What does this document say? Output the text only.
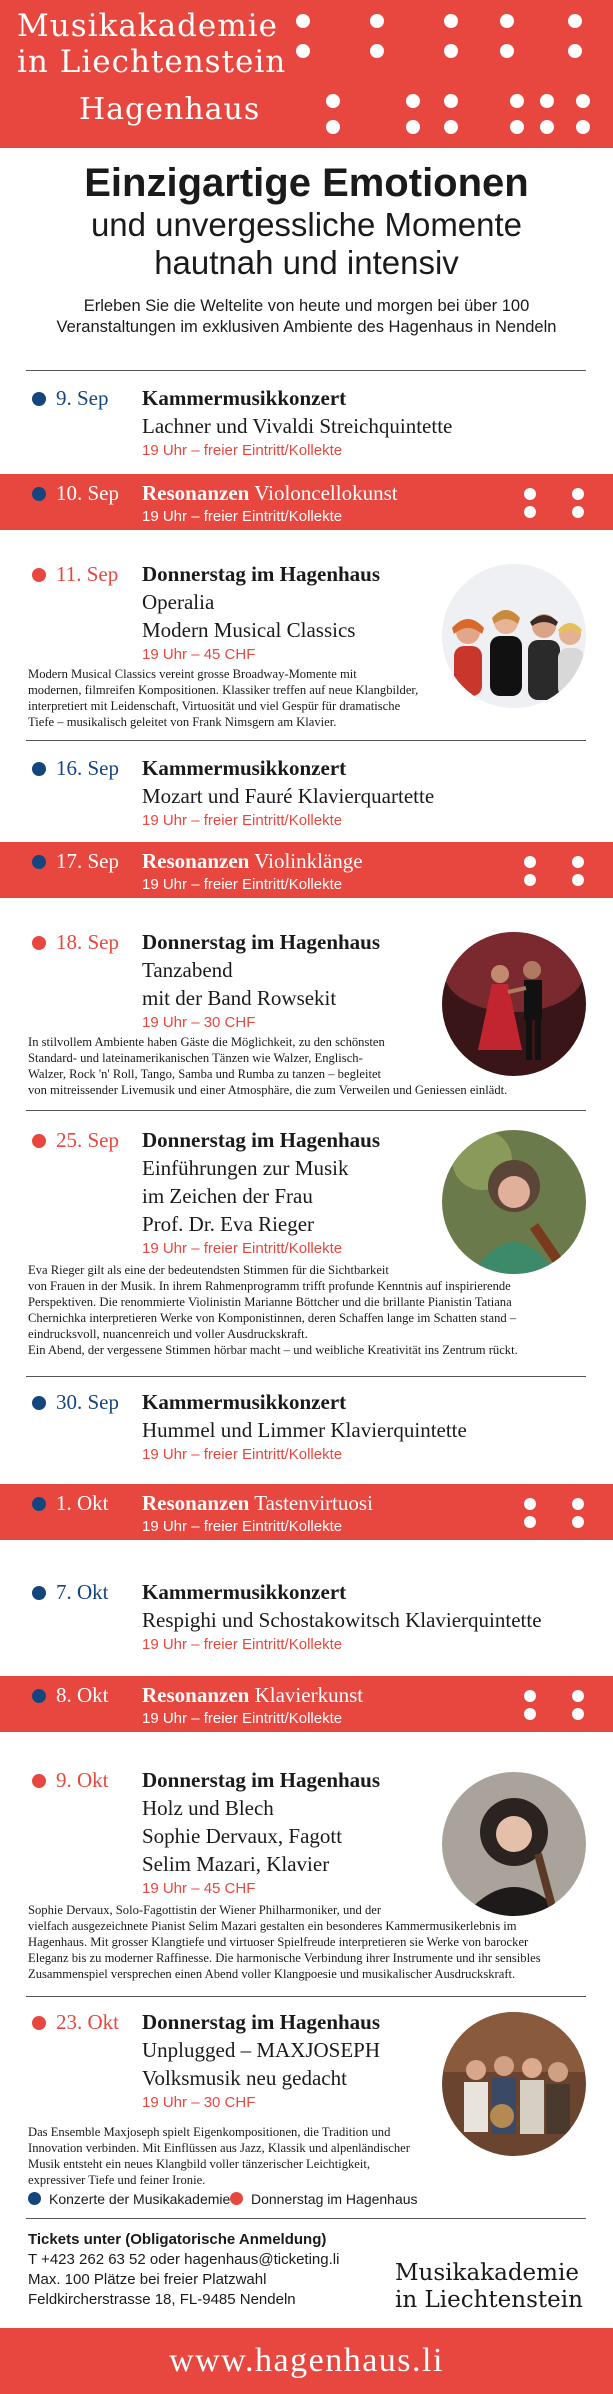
Musikakademie
in Liechtenstein
Hagenhaus
Einzigartige Emotionen
und unvergessliche Momente
hautnah und intensiv
Erleben Sie die Weltelite von heute und morgen bei über 100
Veranstaltungen im exklusiven Ambiente des Hagenhaus in Nendeln
9. Sep Kammermusikkonzert
Lachner und Vivaldi Streichquintette
19 Uhr – freier Eintritt/Kollekte
10. Sep Resonanzen Violoncellokunst
19 Uhr – freier Eintritt/Kollekte
11. Sep Donnerstag im Hagenhaus
Operalia
Modern Musical Classics
19 Uhr – 45 CHF
Modern Musical Classics vereint grosse Broadway-Momente mit
modernen, filmreifen Kompositionen. Klassiker treffen auf neue Klangbilder,
interpretiert mit Leidenschaft, Virtuosität und viel Gespür für dramatische
Tiefe – musikalisch geleitet von Frank Nimsgern am Klavier.
16. Sep Kammermusikkonzert
Mozart und Fauré Klavierquartette
19 Uhr – freier Eintritt/Kollekte
17. Sep Resonanzen Violinklänge
19 Uhr – freier Eintritt/Kollekte
18. Sep Donnerstag im Hagenhaus
Tanzabend
mit der Band Rowsekit
19 Uhr – 30 CHF
In stilvollem Ambiente haben Gäste die Möglichkeit, zu den schönsten
Standard- und lateinamerikanischen Tänzen wie Walzer, Englisch-
Walzer, Rock 'n' Roll, Tango, Samba und Rumba zu tanzen – begleitet
von mitreissender Livemusik und einer Atmosphäre, die zum Verweilen und Geniessen einlädt.
25. Sep Donnerstag im Hagenhaus
Einführungen zur Musik
im Zeichen der Frau
Prof. Dr. Eva Rieger
19 Uhr – freier Eintritt/Kollekte
Eva Rieger gilt als eine der bedeutendsten Stimmen für die Sichtbarkeit
von Frauen in der Musik. In ihrem Rahmenprogramm trifft profunde Kenntnis auf inspirierende
Perspektiven. Die renommierte Violinistin Marianne Böttcher und die brillante Pianistin Tatiana
Chernichka interpretieren Werke von Komponistinnen, deren Schaffen lange im Schatten stand –
eindrucksvoll, nuancenreich und voller Ausdruckskraft.
Ein Abend, der vergessene Stimmen hörbar macht – und weibliche Kreativität ins Zentrum rückt.
30. Sep Kammermusikkonzert
Hummel und Limmer Klavierquintette
19 Uhr – freier Eintritt/Kollekte
1. Okt Resonanzen Tastenvirtuosi
19 Uhr – freier Eintritt/Kollekte
7. Okt Kammermusikkonzert
Respighi und Schostakowitsch Klavierquintette
19 Uhr – freier Eintritt/Kollekte
8. Okt Resonanzen Klavierkunst
19 Uhr – freier Eintritt/Kollekte
9. Okt Donnerstag im Hagenhaus
Holz und Blech
Sophie Dervaux, Fagott
Selim Mazari, Klavier
19 Uhr – 45 CHF
Sophie Dervaux, Solo-Fagottistin der Wiener Philharmoniker, und der
vielfach ausgezeichnete Pianist Selim Mazari gestalten ein besonderes Kammermusikerlebnis im
Hagenhaus. Mit grosser Klangtiefe und virtuoser Spielfreude interpretieren sie Werke von barocker
Eleganz bis zu moderner Raffinesse. Die harmonische Verbindung ihrer Instrumente und ihr sensibles
Zusammenspiel versprechen einen Abend voller Klangpoesie und musikalischer Ausdruckskraft.
23. Okt Donnerstag im Hagenhaus
Unplugged – MAXJOSEPH
Volksmusik neu gedacht
19 Uhr – 30 CHF
Das Ensemble Maxjoseph spielt Eigenkompositionen, die Tradition und
Innovation verbinden. Mit Einflüssen aus Jazz, Klassik und alpenländischer
Musik entsteht ein neues Klangbild voller tänzerischer Leichtigkeit,
expressiver Tiefe und feiner Ironie.
Konzerte der Musikakademie	Donnerstag im Hagenhaus
Tickets unter (Obligatorische Anmeldung)
T +423 262 63 52 oder hagenhaus@ticketing.li
Max. 100 Plätze bei freier Platzwahl
Feldkircherstrasse 18, FL-9485 Nendeln
Musikakademie
in Liechtenstein
www.hagenhaus.li
